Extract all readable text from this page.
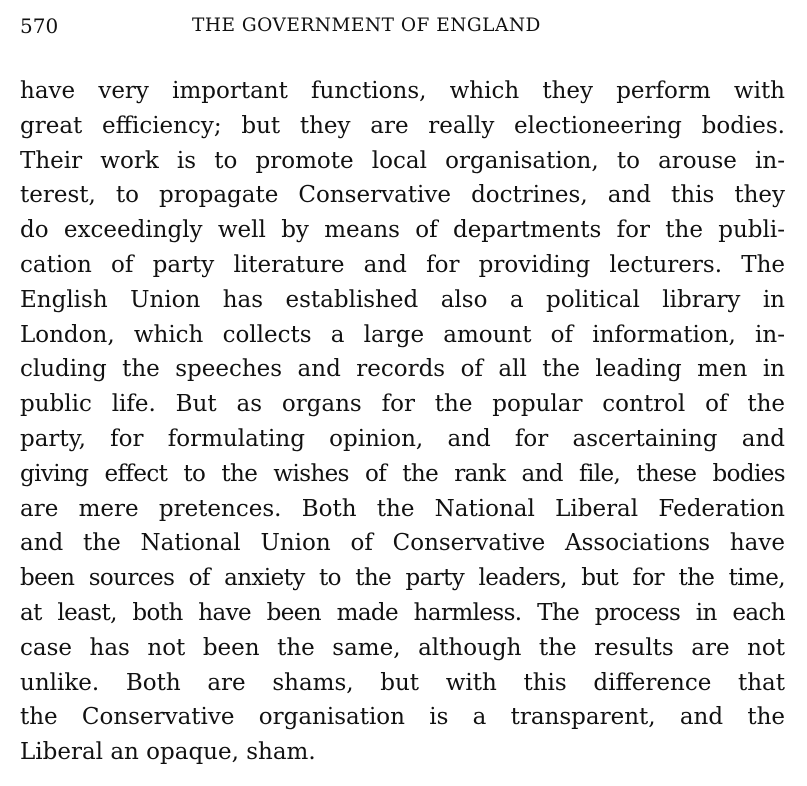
570	THE GOVERNMENT OF ENGLAND
have very important functions, which they perform with
great efficiency; but they are really electioneering bodies.
Their work is to promote local organisation, to arouse in-
terest, to propagate Conservative doctrines, and this they
do exceedingly well by means of departments for the publi-
cation of party literature and for providing lecturers. The
English Union has established also a political library in
London, which collects a large amount of information, in-
cluding the speeches and records of all the leading men in
public life. But as organs for the popular control of the
party, for formulating opinion, and for ascertaining and
giving effect to the wishes of the rank and file, these bodies
are mere pretences. Both the National Liberal Federation
and the National Union of Conservative Associations have
been sources of anxiety to the party leaders, but for the time,
at least, both have been made harmless. The process in each
case has not been the same, although the results are not
unlike. Both are shams, but with this difference that
the Conservative organisation is a transparent, and the
Liberal an opaque, sham.
